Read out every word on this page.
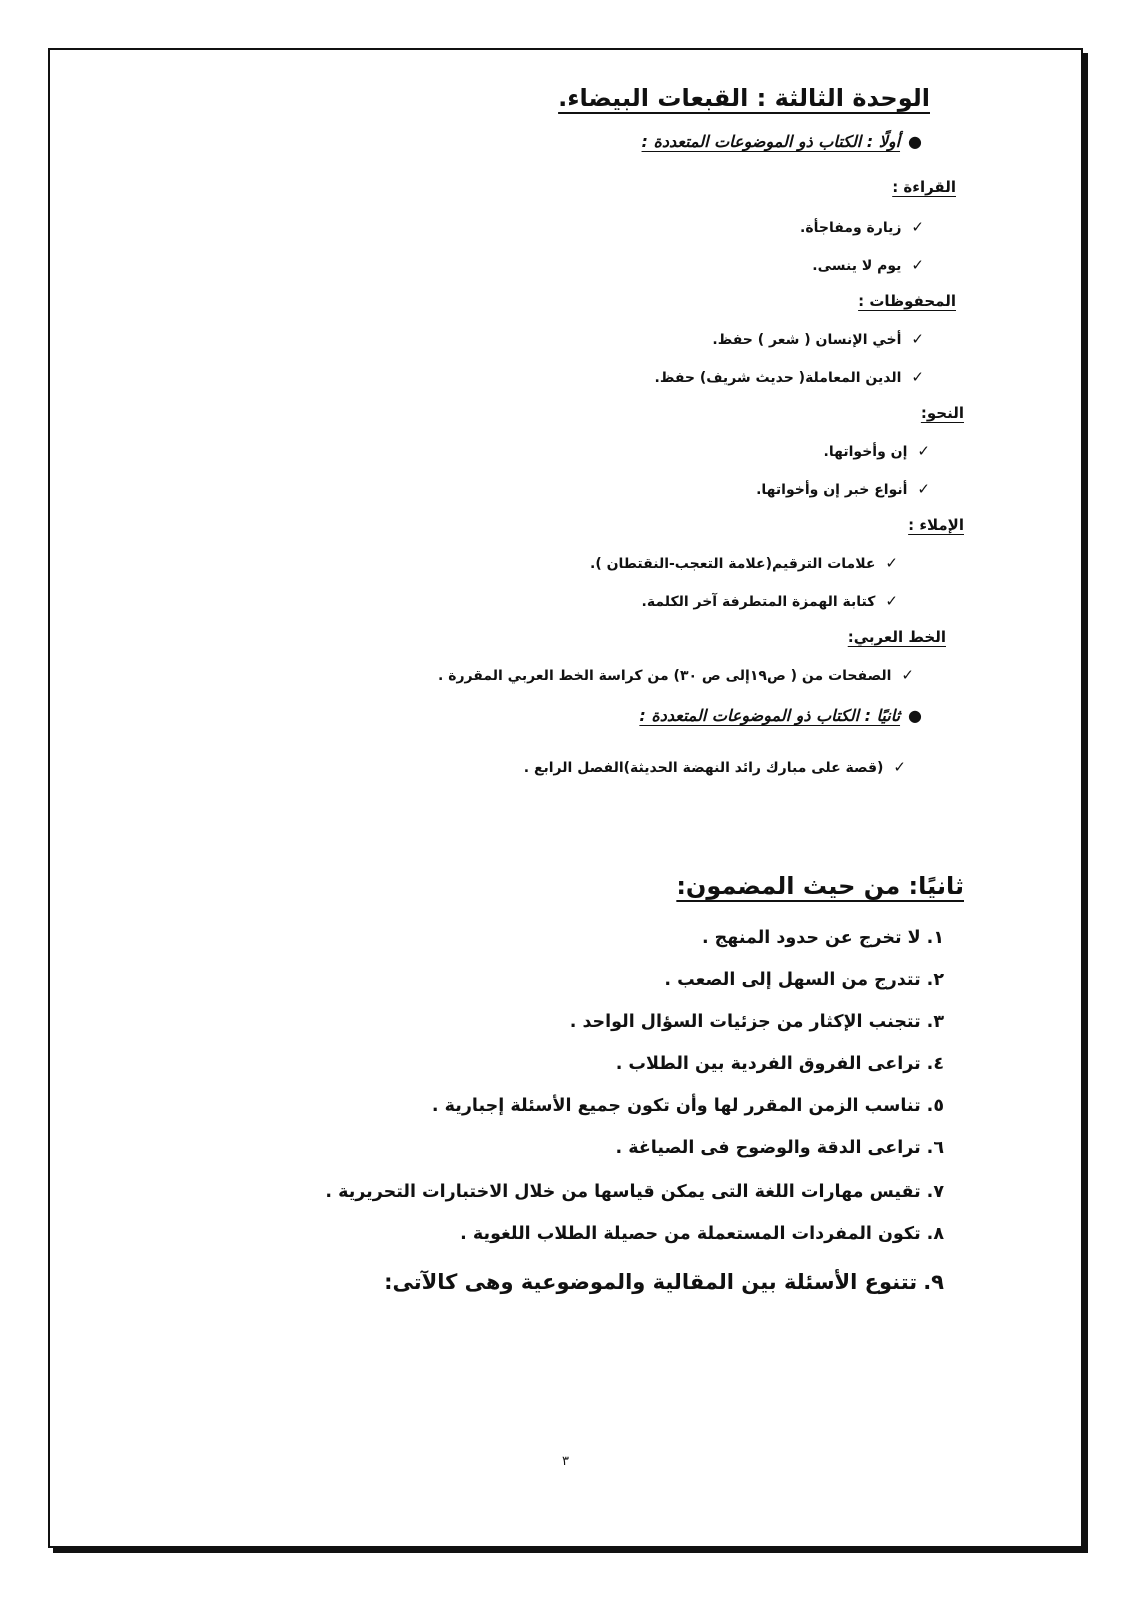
الوحدة الثالثة : القبعات البيضاء.
●أولًا : الكتاب ذو الموضوعات المتعددة :
القراءة :
✓زيارة ومفاجأة.
✓يوم لا ينسى.
المحفوظات :
✓أخي الإنسان ( شعر ) حفظ.
✓الدين المعاملة( حديث شريف) حفظ.
النحو:
✓إن وأخواتها.
✓أنواع خبر إن وأخواتها.
الإملاء :
✓علامات الترقيم(علامة التعجب-النقتطان ).
✓كتابة الهمزة المتطرفة آخر الكلمة.
الخط العربي:
✓الصفحات من ( ص١٩إلى ص ٣٠) من كراسة الخط العربي المقررة .
●ثانيًا : الكتاب ذو الموضوعات المتعددة :
✓(قصة على مبارك رائد النهضة الحديثة)الفصل الرابع .
ثانيًا: من حيث المضمون:
١.لا تخرج عن حدود المنهج .
٢.تتدرج من السهل إلى الصعب .
٣.تتجنب الإكثار من جزئيات السؤال الواحد .
٤.تراعى الفروق الفردية بين الطلاب .
٥.تناسب الزمن المقرر لها وأن تكون جميع الأسئلة إجبارية .
٦.تراعى الدقة والوضوح فى الصياغة .
٧.تقيس مهارات اللغة التى يمكن قياسها من خلال الاختبارات التحريرية .
٨.تكون المفردات المستعملة من حصيلة الطلاب اللغوية .
٩.تتنوع الأسئلة بين المقالية والموضوعية وهى كالآتى:
٣
